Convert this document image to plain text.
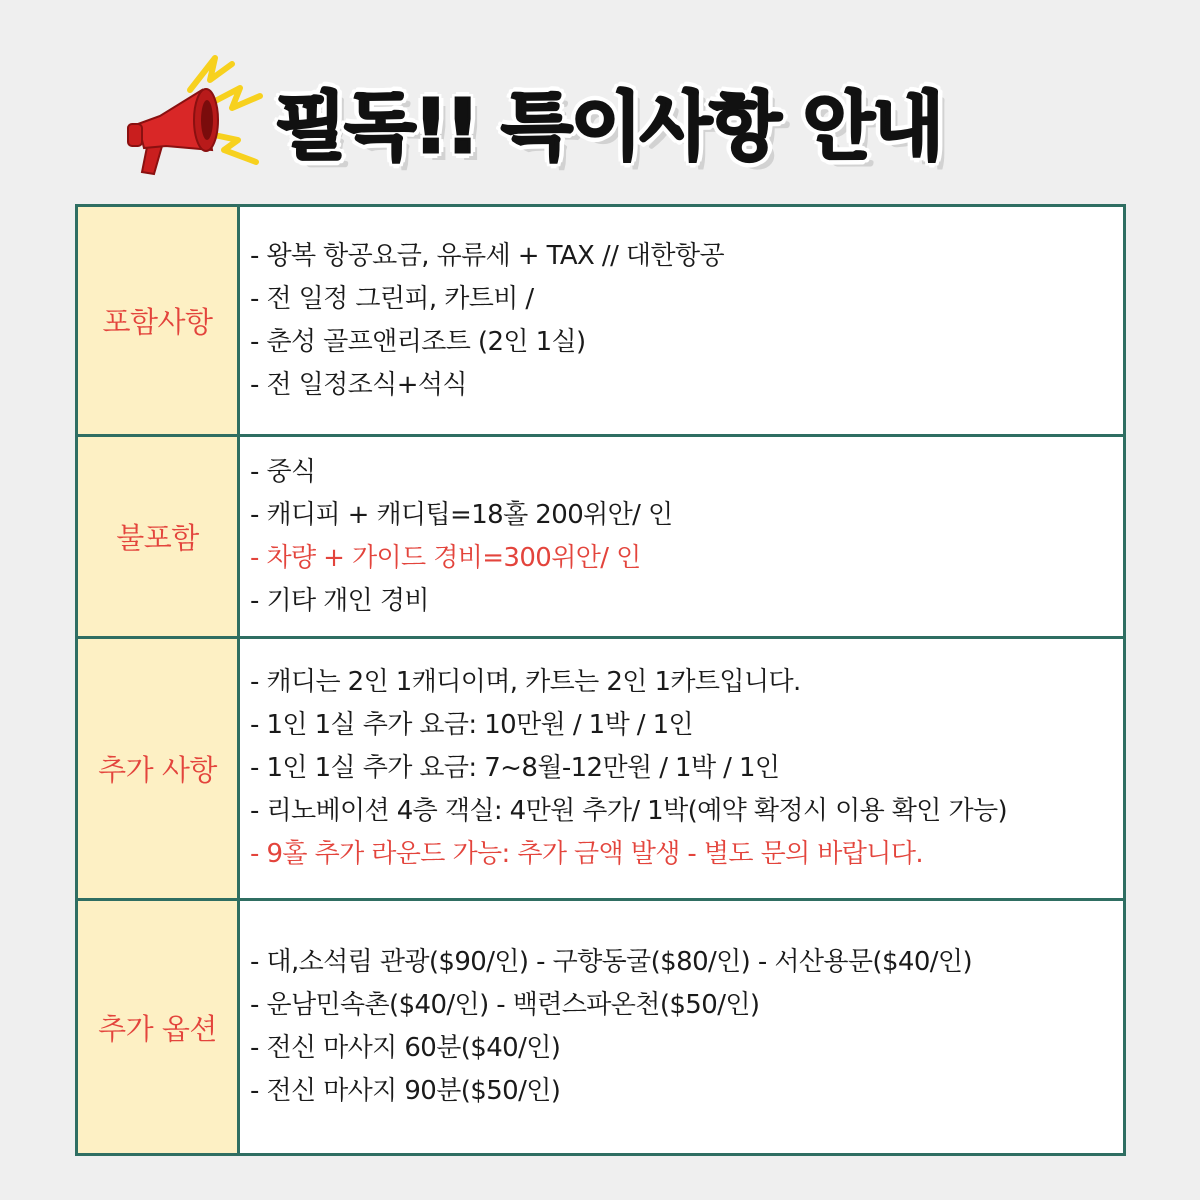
필독!! 특이사항 안내
포함사항	- 왕복 항공요금, 유류세 + TAX // 대한항공
- 전 일정 그린피, 카트비 /
- 춘성 골프앤리조트 (2인 1실)
- 전 일정조식+석식

불포함	- 중식
- 캐디피 + 캐디팁=18홀 200위안/ 인
- 차량 + 가이드 경비=300위안/ 인
- 기타 개인 경비

추가 사항	- 캐디는 2인 1캐디이며, 카트는 2인 1카트입니다.
- 1인 1실 추가 요금: 10만원 / 1박 / 1인
- 1인 1실 추가 요금: 7~8월-12만원 / 1박 / 1인
- 리노베이션 4층 객실: 4만원 추가/ 1박(예약 확정시 이용 확인 가능)
- 9홀 추가 라운드 가능: 추가 금액 발생 - 별도 문의 바랍니다.

추가 옵션	- 대,소석림 관광($90/인) - 구향동굴($80/인) - 서산용문($40/인)
- 운남민속촌($40/인) - 백련스파온천($50/인)
- 전신 마사지 60분($40/인)
- 전신 마사지 90분($50/인)
